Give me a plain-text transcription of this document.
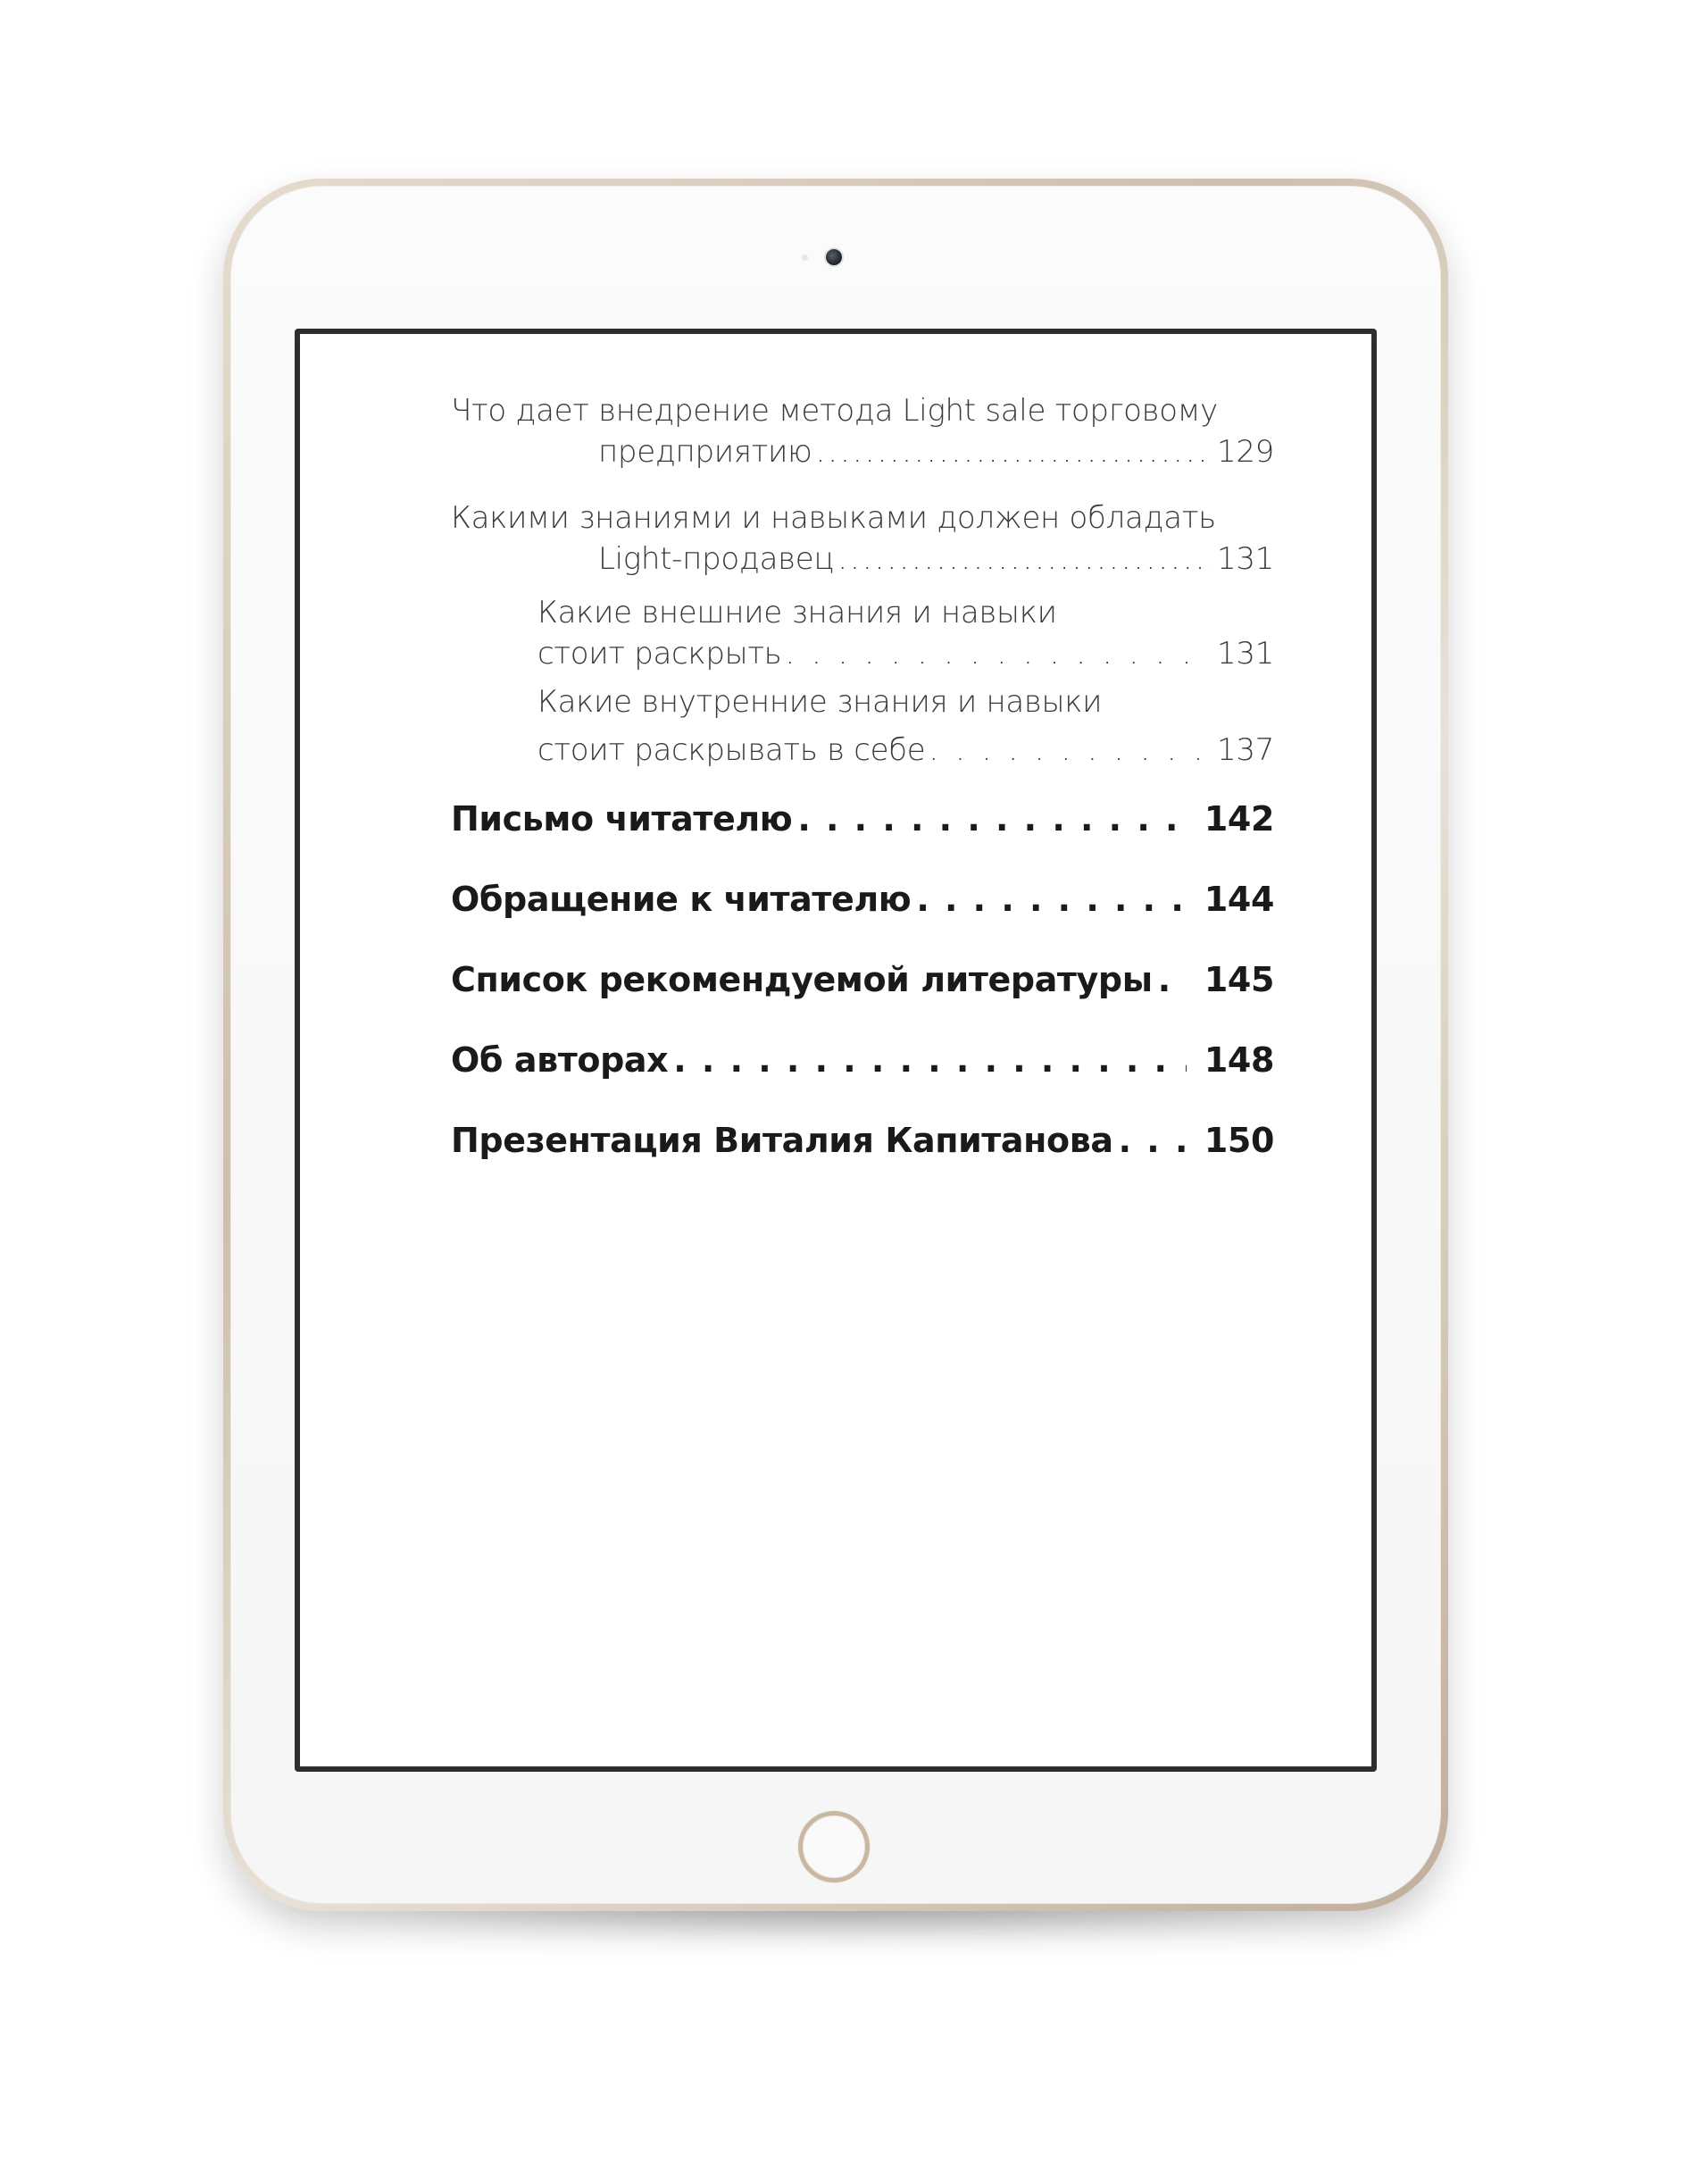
Что дает внедрение метода Light sale торговому
предприятию .....	129
Какими знаниями и навыками должен обладать
Light-продавец .....	131
Какие внешние знания и навыки
стоит раскрыть . . .	131
Какие внутренние знания и навыки
стоит раскрывать в себе . . .	137
Письмо читателю . . .	142
Обращение к читателю . . .	144
Список рекомендуемой литературы . . . 145
Об авторах . . .	148
Презентация Виталия Капитанова . . .	150
